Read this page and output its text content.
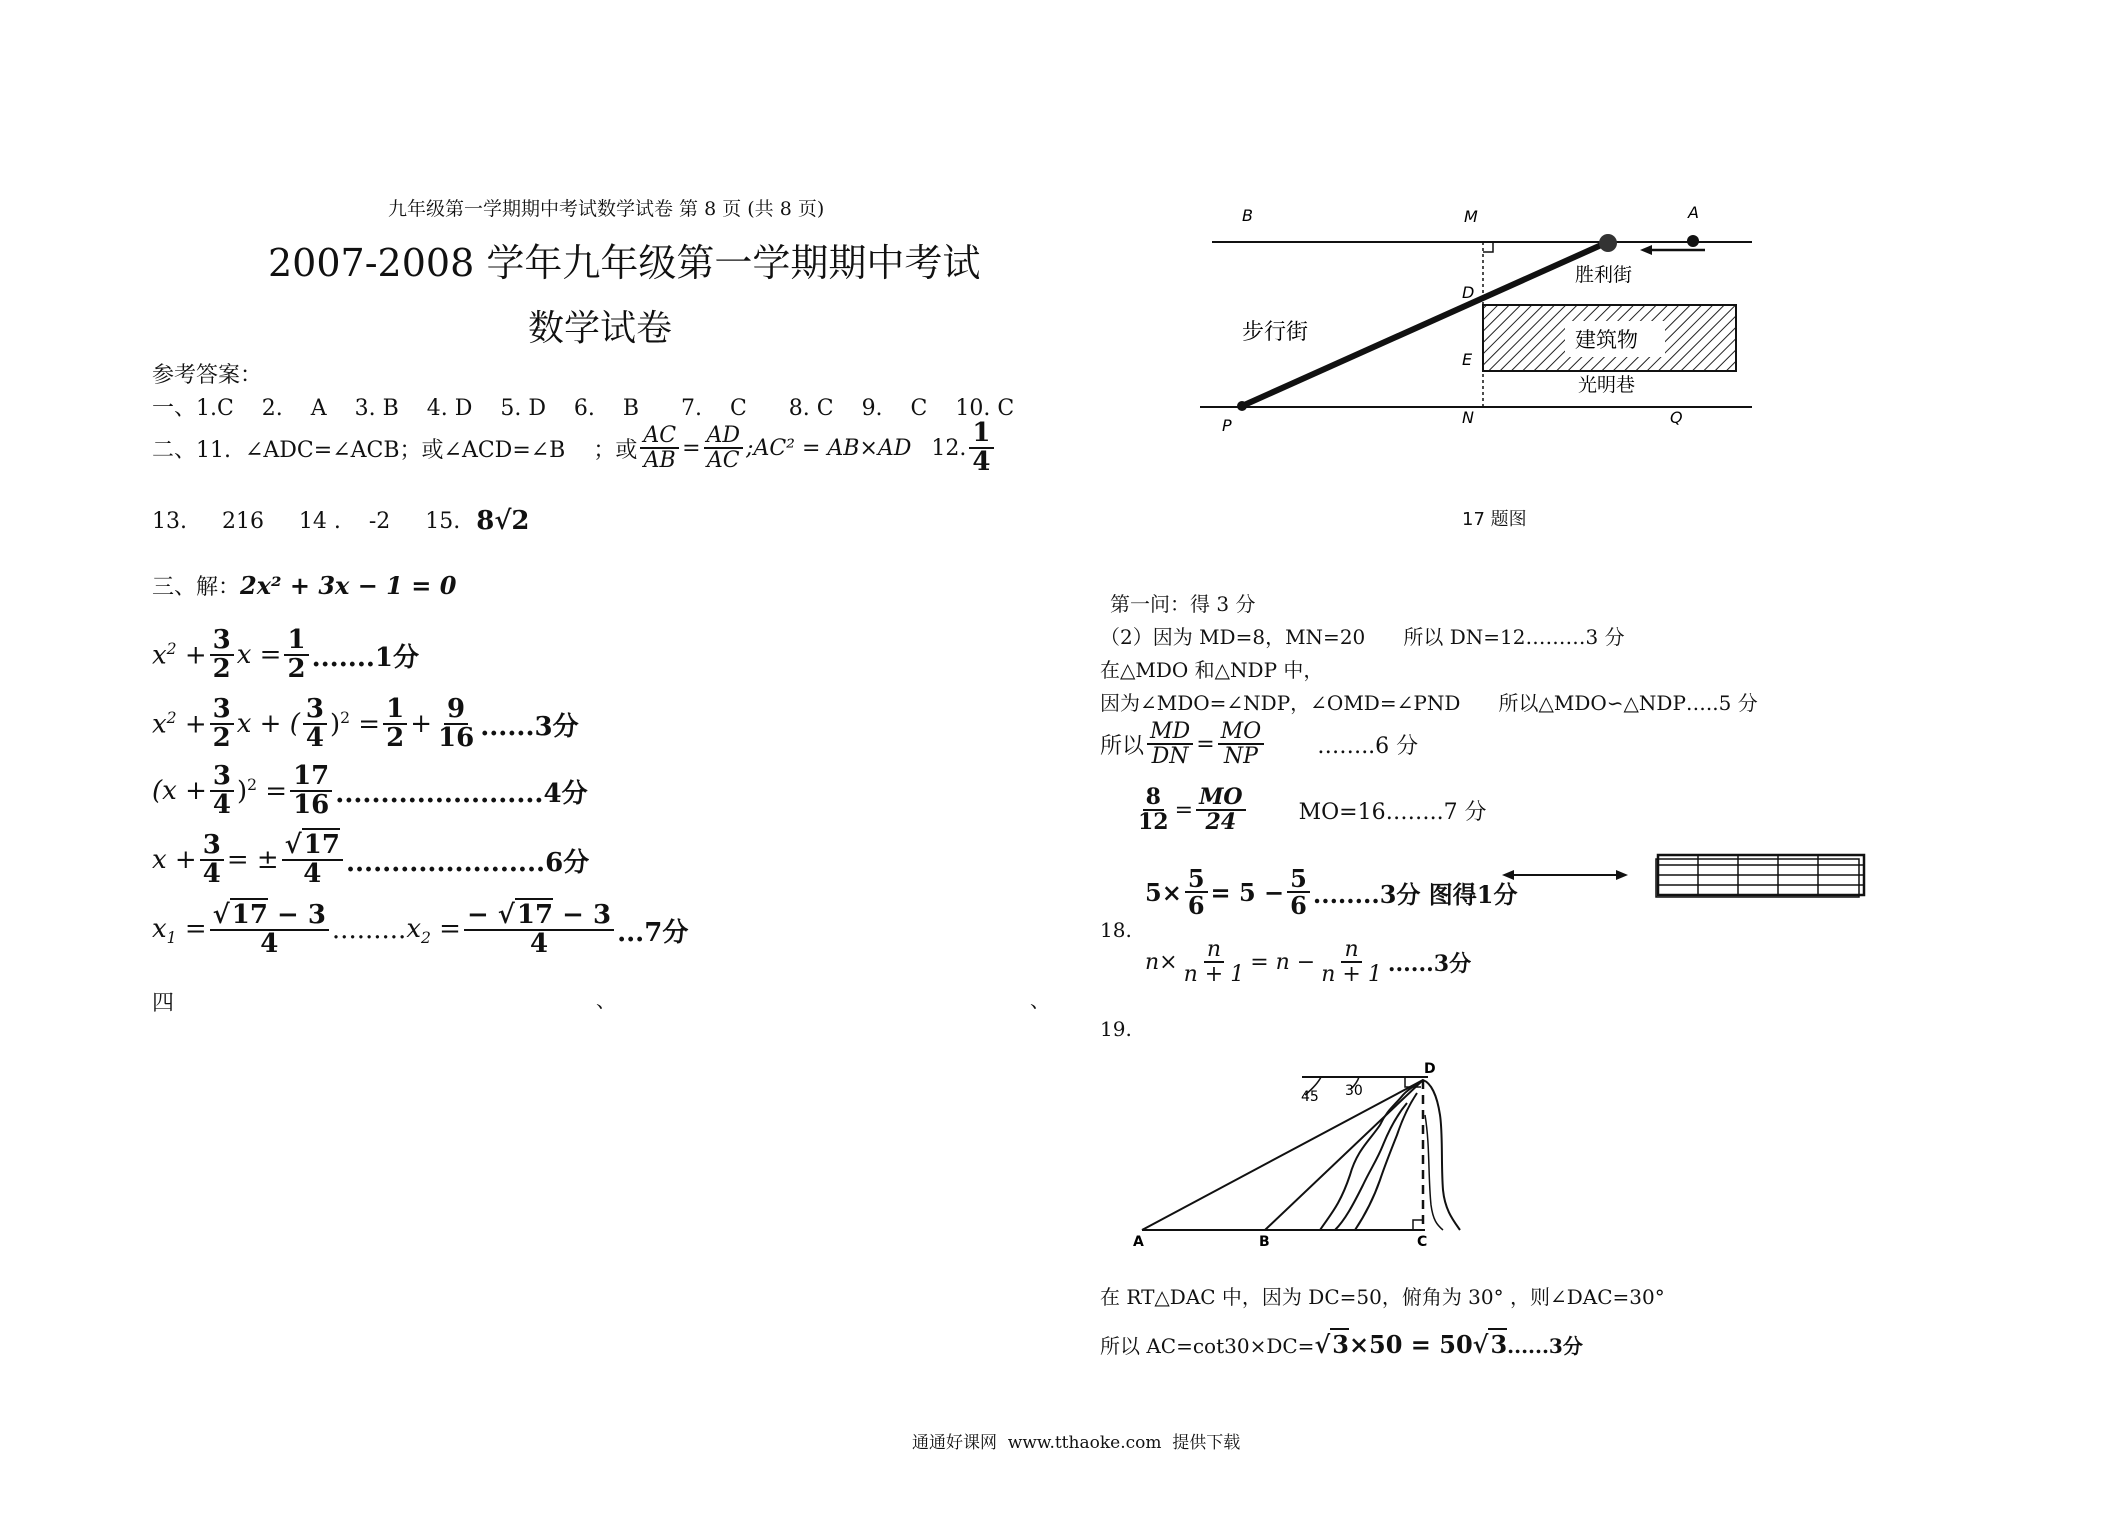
九年级第一学期期中考试数学试卷 第 8 页 (共 8 页)
2007-2008 学年九年级第一学期期中考试
数学试卷
参考答案：
一、1.C    2.    A    3. B    4. D    5. D    6.    B      7.    C      8. C    9.    C    10. C
二、11.  ∠ADC=∠ACB；或∠ACD=∠B    ；或 $\frac{AC}{AB} = \frac{AD}{AC}$ ;AC² = AB×AD 12. $\frac{1}{4}$
13.     216     14 .    -2     15. 8√2
三、解： 2x² + 3x − 1 = 0
$x^2 + \frac{3}{2}$ $x = \frac{1}{2} .......1$分
$x^2 + \frac{3}{2}$ x + ( $\frac{3}{4} )^2 = \frac{1}{2} + \frac{9}{16} ......3$分
$(x + \frac{3}{4} )^2 = \frac{17}{16} .......................4$分
$x + \frac{3}{4}$ = ± $\frac{√17}{4} ......................6$分
$x_1 = \frac{√17 - 3}{4}$ ......... $x_2 = \frac{- √17 - 3}{4} ...7$分
四	、	、
B	M	A
D
E
P	N	Q
步行街
胜利街
建筑物
光明巷
17 题图
第一问：得 3 分
（2）因为 MD=8，MN=20      所以 DN=12………3 分
在△MDO 和△NDP 中，
因为∠MDO=∠NDP，∠OMD=∠PND      所以△MDO∽△NDP…..5 分
所以 $\frac{MD}{DN} = \frac{MO}{NP}$ ……..6 分
$\frac{8}{12} = \frac{MO}{24}$ MO=16……..7 分
$5\times \frac{5}{6} = 5 - \frac{5}{6} ........3$分 图得1分
18.
$n\times \frac{n}{n + 1} = n - \frac{n}{n + 1} ......3$分
19.
45 30
D
A	B	C
在 RT△DAC 中，因为 DC=50，俯角为 30° ，则∠DAC=30°
所以 AC=cot30×DC= √3×50 = 50√3 ......3分
通通好课网  www.tthaoke.com  提供下载
